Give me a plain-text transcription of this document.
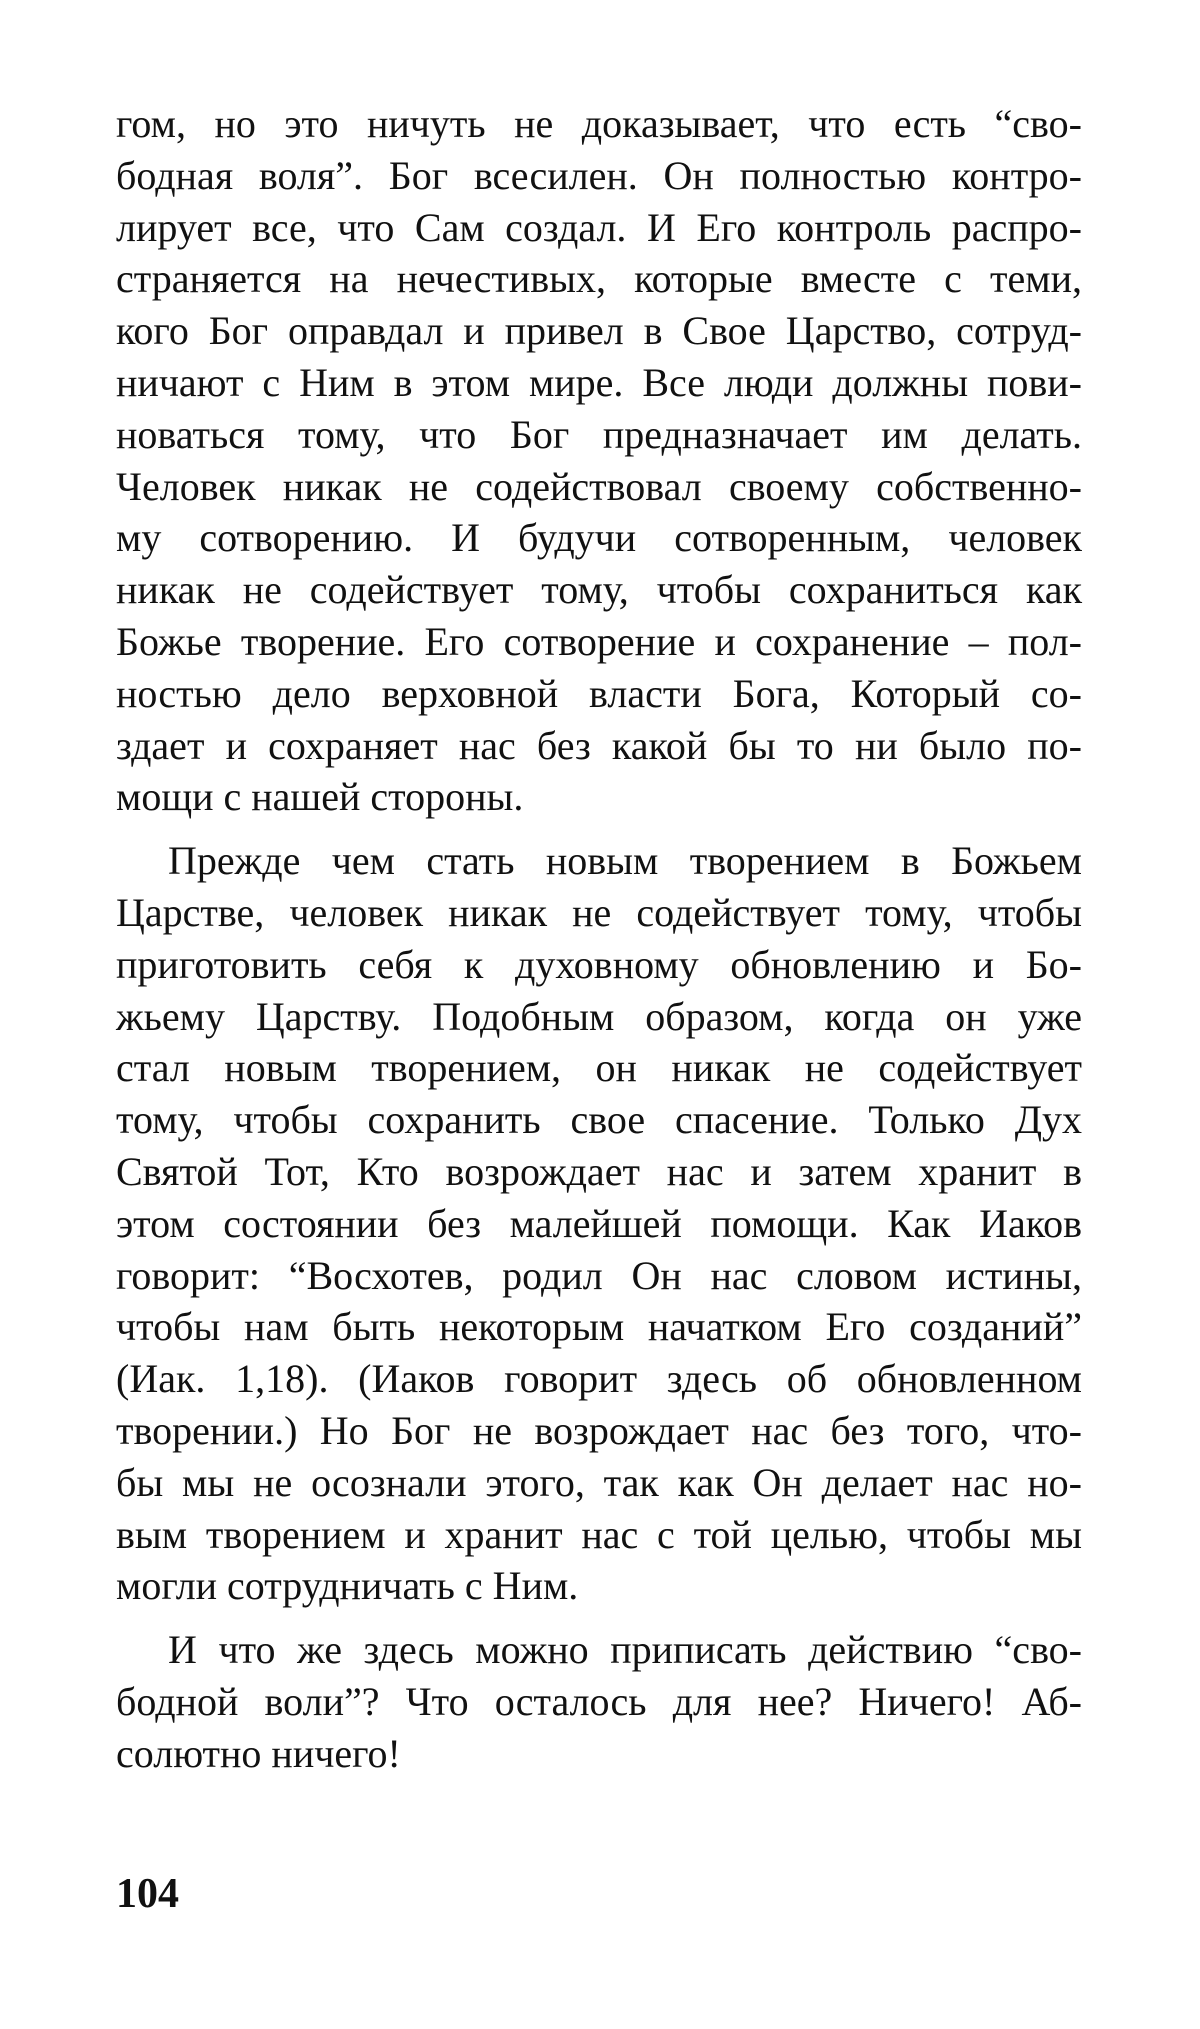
гом, но это ничуть не доказывает, что есть “сво-
бодная воля”. Бог всесилен. Он полностью контро-
лирует все, что Сам создал. И Его контроль распро-
страняется на нечестивых, которые вместе с теми,
кого Бог оправдал и привел в Свое Царство, сотруд-
ничают с Ним в этом мире. Все люди должны пови-
новаться тому, что Бог предназначает им делать.
Человек никак не содействовал своему собственно-
му сотворению. И будучи сотворенным, человек
никак не содействует тому, чтобы сохраниться как
Божье творение. Его сотворение и сохранение – пол-
ностью дело верховной власти Бога, Который со-
здает и сохраняет нас без какой бы то ни было по-
мощи с нашей стороны.
Прежде чем стать новым творением в Божьем
Царстве, человек никак не содействует тому, чтобы
приготовить себя к духовному обновлению и Бо-
жьему Царству. Подобным образом, когда он уже
стал новым творением, он никак не содействует
тому, чтобы сохранить свое спасение. Только Дух
Святой Тот, Кто возрождает нас и затем хранит в
этом состоянии без малейшей помощи. Как Иаков
говорит: “Восхотев, родил Он нас словом истины,
чтобы нам быть некоторым начатком Его созданий”
(Иак. 1,18). (Иаков говорит здесь об обновленном
творении.) Но Бог не возрождает нас без того, что-
бы мы не осознали этого, так как Он делает нас но-
вым творением и хранит нас с той целью, чтобы мы
могли сотрудничать с Ним.
И что же здесь можно приписать действию “сво-
бодной воли”? Что осталось для нее? Ничего! Аб-
солютно ничего!
104
